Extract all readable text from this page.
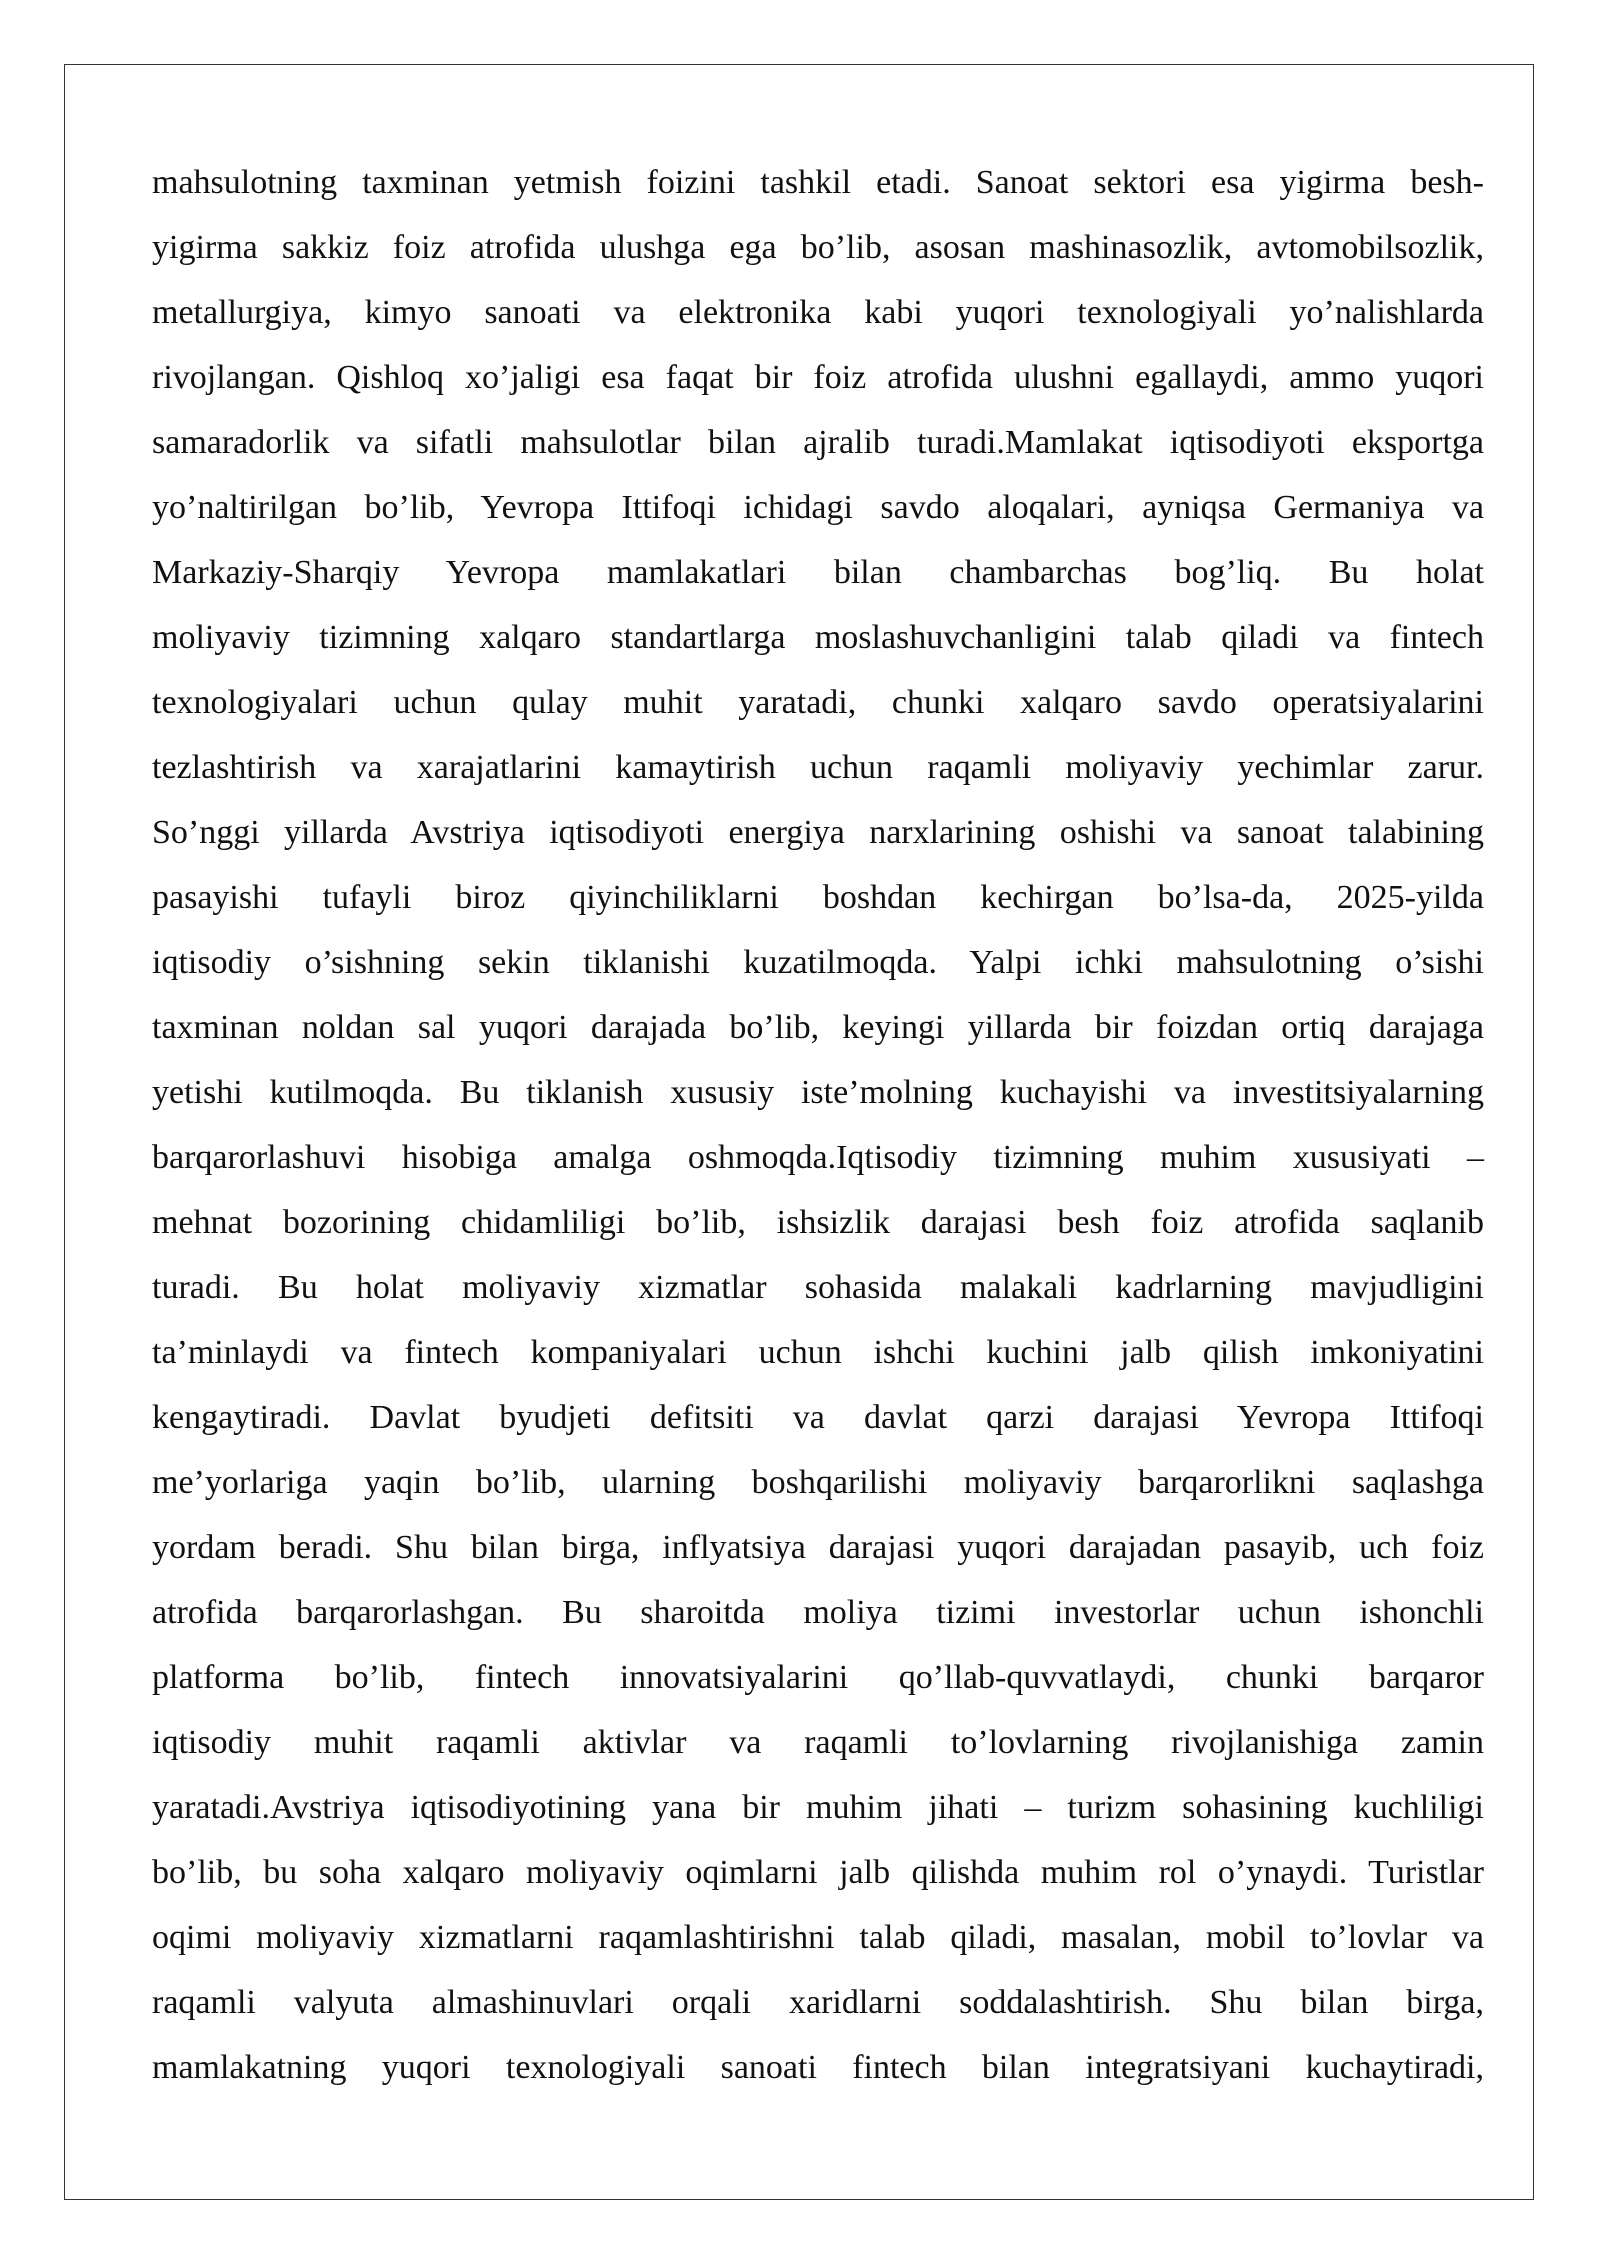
mahsulotning taxminan yetmish foizini tashkil etadi. Sanoat sektori esa yigirma besh-
yigirma sakkiz foiz atrofida ulushga ega bo’lib, asosan mashinasozlik, avtomobilsozlik,
metallurgiya, kimyo sanoati va elektronika kabi yuqori texnologiyali yo’nalishlarda
rivojlangan. Qishloq xo’jaligi esa faqat bir foiz atrofida ulushni egallaydi, ammo yuqori
samaradorlik va sifatli mahsulotlar bilan ajralib turadi.Mamlakat iqtisodiyoti eksportga
yo’naltirilgan bo’lib, Yevropa Ittifoqi ichidagi savdo aloqalari, ayniqsa Germaniya va
Markaziy-Sharqiy Yevropa mamlakatlari bilan chambarchas bog’liq. Bu holat
moliyaviy tizimning xalqaro standartlarga moslashuvchanligini talab qiladi va fintech
texnologiyalari uchun qulay muhit yaratadi, chunki xalqaro savdo operatsiyalarini
tezlashtirish va xarajatlarini kamaytirish uchun raqamli moliyaviy yechimlar zarur.
So’nggi yillarda Avstriya iqtisodiyoti energiya narxlarining oshishi va sanoat talabining
pasayishi tufayli biroz qiyinchiliklarni boshdan kechirgan bo’lsa-da, 2025-yilda
iqtisodiy o’sishning sekin tiklanishi kuzatilmoqda. Yalpi ichki mahsulotning o’sishi
taxminan noldan sal yuqori darajada bo’lib, keyingi yillarda bir foizdan ortiq darajaga
yetishi kutilmoqda. Bu tiklanish xususiy iste’molning kuchayishi va investitsiyalarning
barqarorlashuvi hisobiga amalga oshmoqda.Iqtisodiy tizimning muhim xususiyati –
mehnat bozorining chidamliligi bo’lib, ishsizlik darajasi besh foiz atrofida saqlanib
turadi. Bu holat moliyaviy xizmatlar sohasida malakali kadrlarning mavjudligini
ta’minlaydi va fintech kompaniyalari uchun ishchi kuchini jalb qilish imkoniyatini
kengaytiradi. Davlat byudjeti defitsiti va davlat qarzi darajasi Yevropa Ittifoqi
me’yorlariga yaqin bo’lib, ularning boshqarilishi moliyaviy barqarorlikni saqlashga
yordam beradi. Shu bilan birga, inflyatsiya darajasi yuqori darajadan pasayib, uch foiz
atrofida barqarorlashgan. Bu sharoitda moliya tizimi investorlar uchun ishonchli
platforma bo’lib, fintech innovatsiyalarini qo’llab-quvvatlaydi, chunki barqaror
iqtisodiy muhit raqamli aktivlar va raqamli to’lovlarning rivojlanishiga zamin
yaratadi.Avstriya iqtisodiyotining yana bir muhim jihati – turizm sohasining kuchliligi
bo’lib, bu soha xalqaro moliyaviy oqimlarni jalb qilishda muhim rol o’ynaydi. Turistlar
oqimi moliyaviy xizmatlarni raqamlashtirishni talab qiladi, masalan, mobil to’lovlar va
raqamli valyuta almashinuvlari orqali xaridlarni soddalashtirish. Shu bilan birga,
mamlakatning yuqori texnologiyali sanoati fintech bilan integratsiyani kuchaytiradi,
